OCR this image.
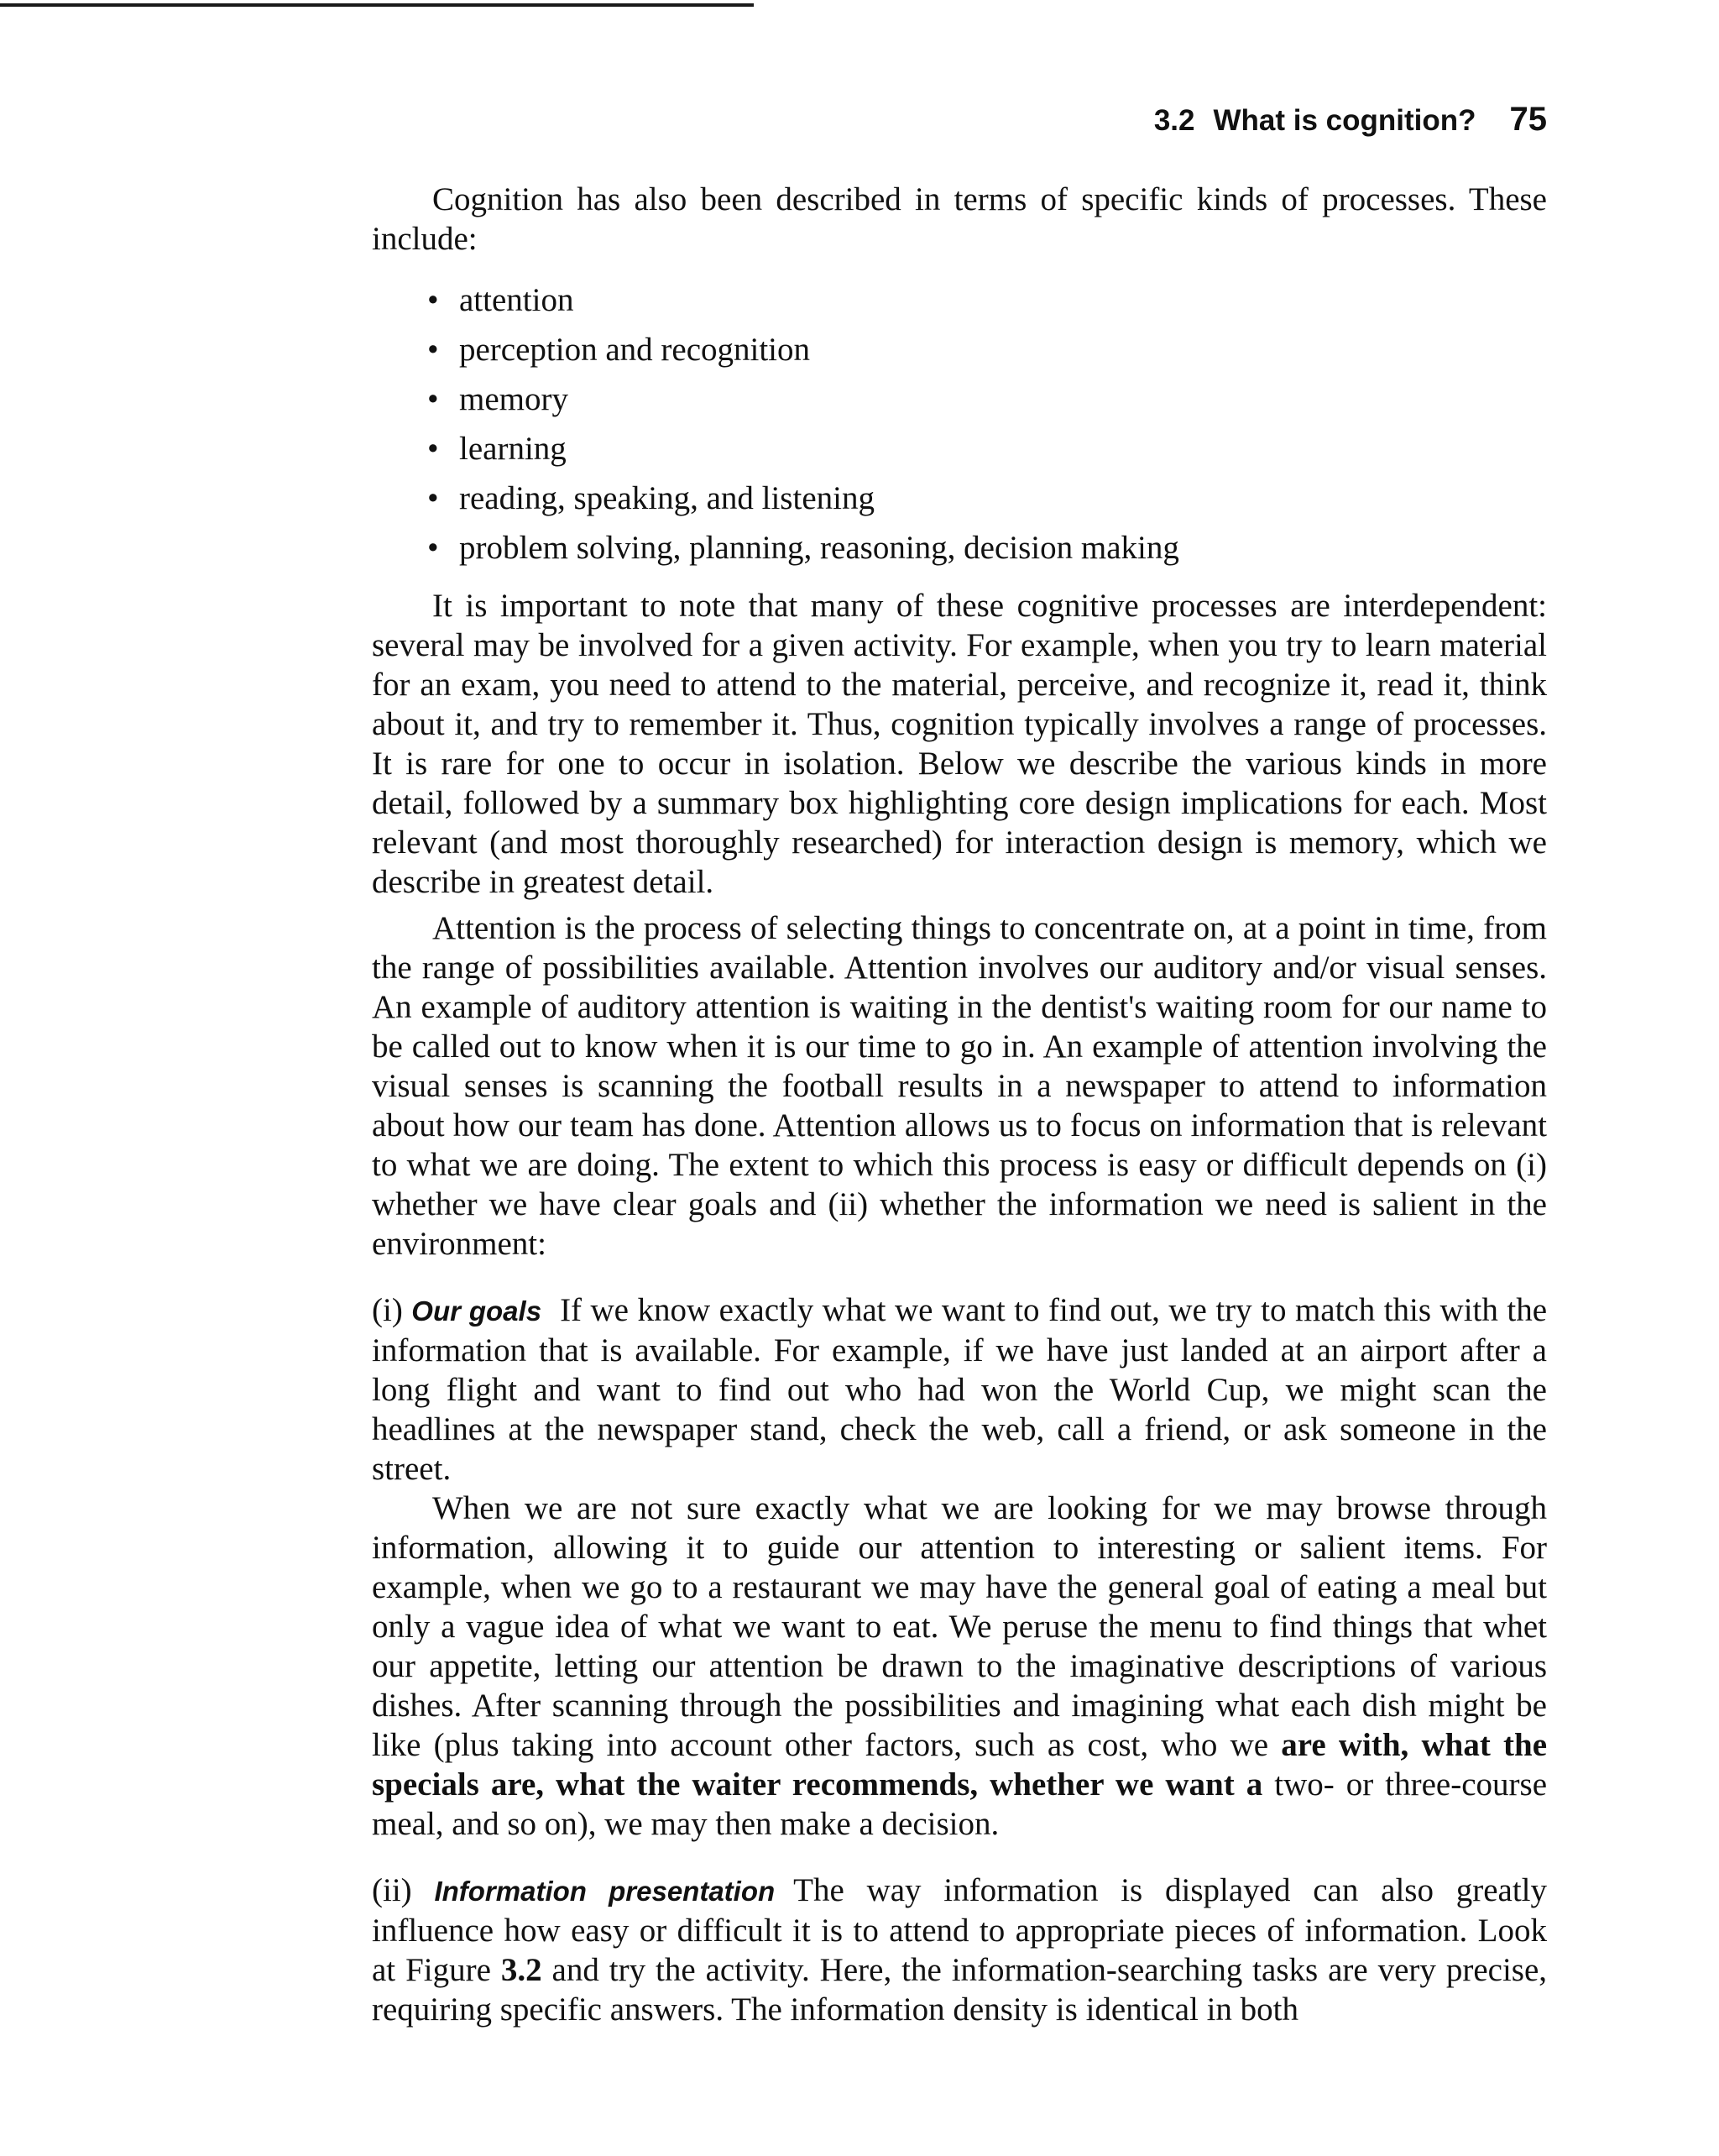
3.2 What is cognition? 75

Cognition has also been described in terms of specific kinds of processes. These include:

• attention
• perception and recognition
• memory
• learning
• reading, speaking, and listening
• problem solving, planning, reasoning, decision making

It is important to note that many of these cognitive processes are interdependent: several may be involved for a given activity. For example, when you try to learn material for an exam, you need to attend to the material, perceive, and recognize it, read it, think about it, and try to remember it. Thus, cognition typically involves a range of processes. It is rare for one to occur in isolation. Below we describe the various kinds in more detail, followed by a summary box highlighting core design implications for each. Most relevant (and most thoroughly researched) for interaction design is memory, which we describe in greatest detail.

Attention is the process of selecting things to concentrate on, at a point in time, from the range of possibilities available. Attention involves our auditory and/or visual senses. An example of auditory attention is waiting in the dentist's waiting room for our name to be called out to know when it is our time to go in. An example of attention involving the visual senses is scanning the football results in a newspaper to attend to information about how our team has done. Attention allows us to focus on information that is relevant to what we are doing. The extent to which this process is easy or difficult depends on (i) whether we have clear goals and (ii) whether the information we need is salient in the environment:

(i) Our goals If we know exactly what we want to find out, we try to match this with the information that is available. For example, if we have just landed at an airport after a long flight and want to find out who had won the World Cup, we might scan the headlines at the newspaper stand, check the web, call a friend, or ask someone in the street.

When we are not sure exactly what we are looking for we may browse through information, allowing it to guide our attention to interesting or salient items. For example, when we go to a restaurant we may have the general goal of eating a meal but only a vague idea of what we want to eat. We peruse the menu to find things that whet our appetite, letting our attention be drawn to the imaginative descriptions of various dishes. After scanning through the possibilities and imagining what each dish might be like (plus taking into account other factors, such as cost, who we are with, what the specials are, what the waiter recommends, whether we want a two- or three-course meal, and so on), we may then make a decision.

(ii) Information presentation The way information is displayed can also greatly influence how easy or difficult it is to attend to appropriate pieces of information. Look at Figure 3.2 and try the activity. Here, the information-searching tasks are very precise, requiring specific answers. The information density is identical in both
